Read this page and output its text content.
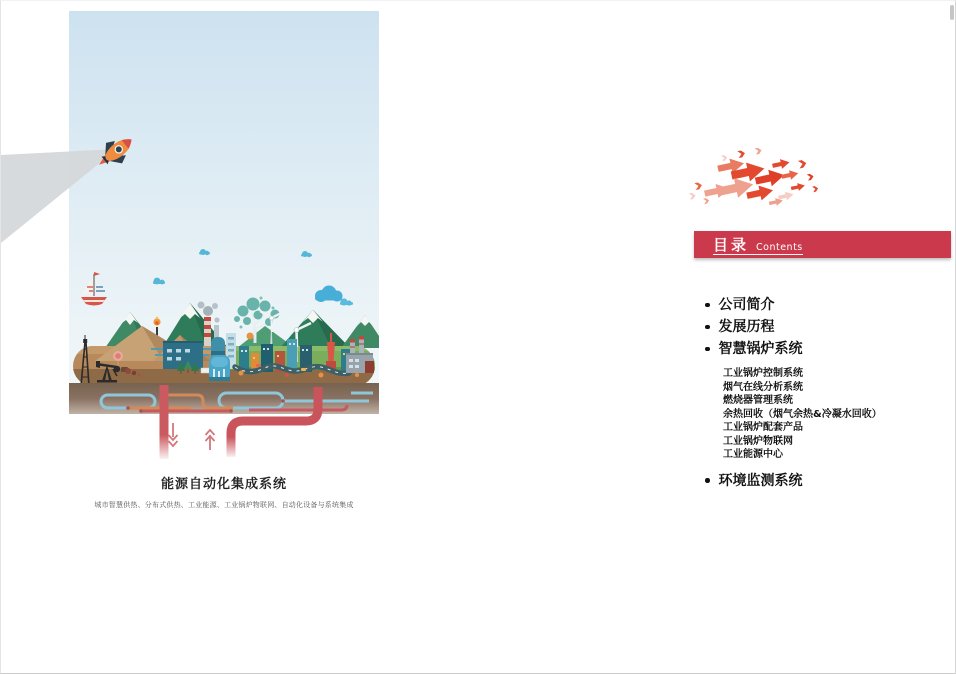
能源自动化集成系统
城市智慧供热、分布式供热、工业能源、工业锅炉物联网、自动化设备与系统集成
目录 Contents
公司简介
发展历程
智慧锅炉系统
工业锅炉控制系统
烟气在线分析系统
燃烧器管理系统
余热回收（烟气余热&冷凝水回收）
工业锅炉配套产品
工业锅炉物联网
工业能源中心
环境监测系统
